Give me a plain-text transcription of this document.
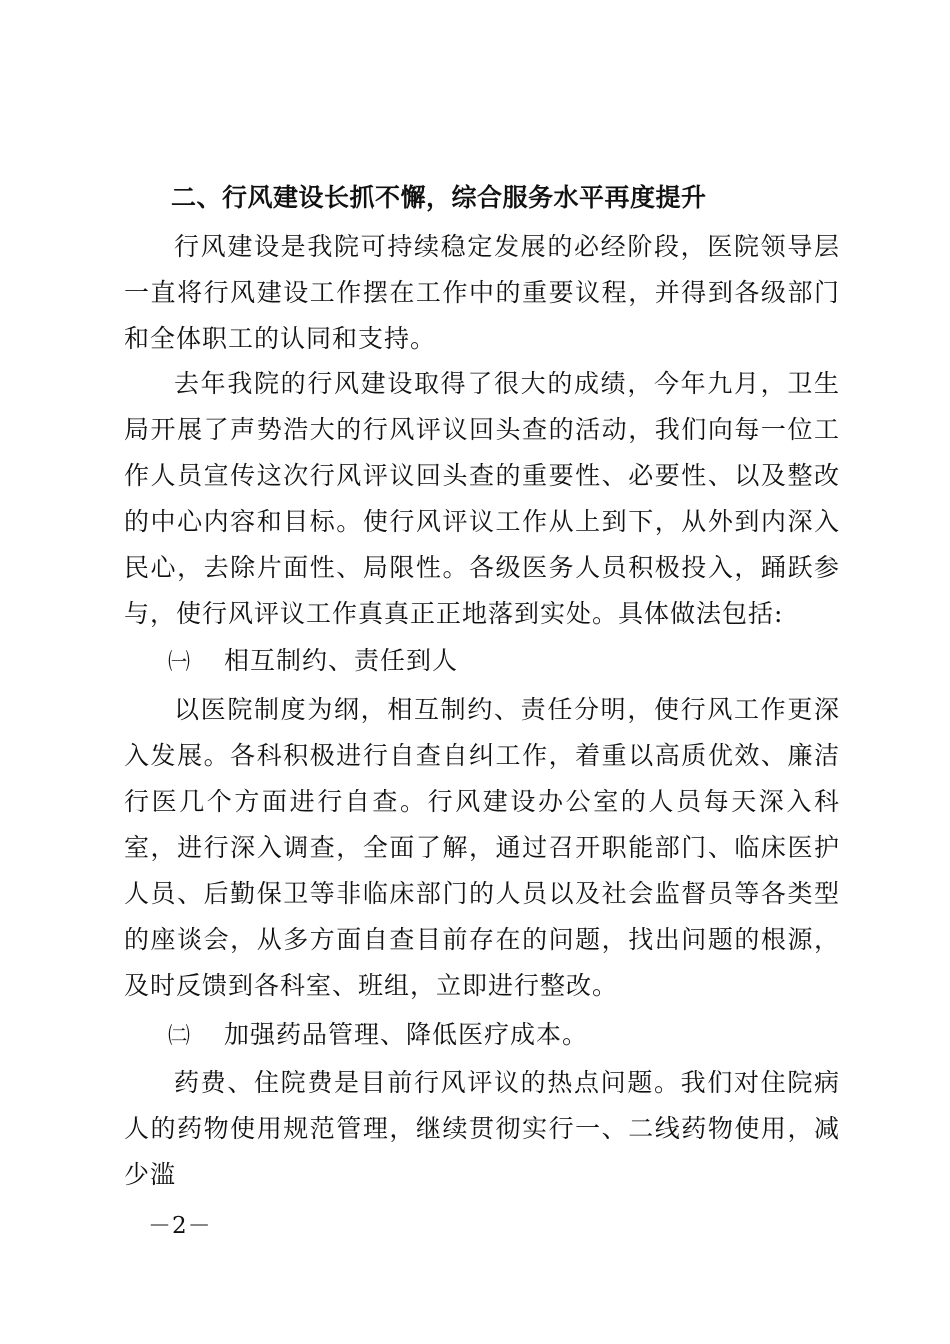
二、行风建设长抓不懈，综合服务水平再度提升
行风建设是我院可持续稳定发展的必经阶段，医院领导层一直将行风建设工作摆在工作中的重要议程，并得到各级部门和全体职工的认同和支持。
去年我院的行风建设取得了很大的成绩，今年九月，卫生局开展了声势浩大的行风评议回头查的活动，我们向每一位工作人员宣传这次行风评议回头查的重要性、必要性、以及整改的中心内容和目标。使行风评议工作从上到下，从外到内深入民心，去除片面性、局限性。各级医务人员积极投入，踊跃参与，使行风评议工作真真正正地落到实处。具体做法包括:
㈠ 相互制约、责任到人
以医院制度为纲，相互制约、责任分明，使行风工作更深入发展。各科积极进行自查自纠工作，着重以高质优效、廉洁行医几个方面进行自查。行风建设办公室的人员每天深入科室，进行深入调查，全面了解，通过召开职能部门、临床医护人员、后勤保卫等非临床部门的人员以及社会监督员等各类型的座谈会，从多方面自查目前存在的问题，找出问题的根源，及时反馈到各科室、班组，立即进行整改。
㈡ 加强药品管理、降低医疗成本。
药费、住院费是目前行风评议的热点问题。我们对住院病人的药物使用规范管理，继续贯彻实行一、二线药物使用，减少滥
－2－
